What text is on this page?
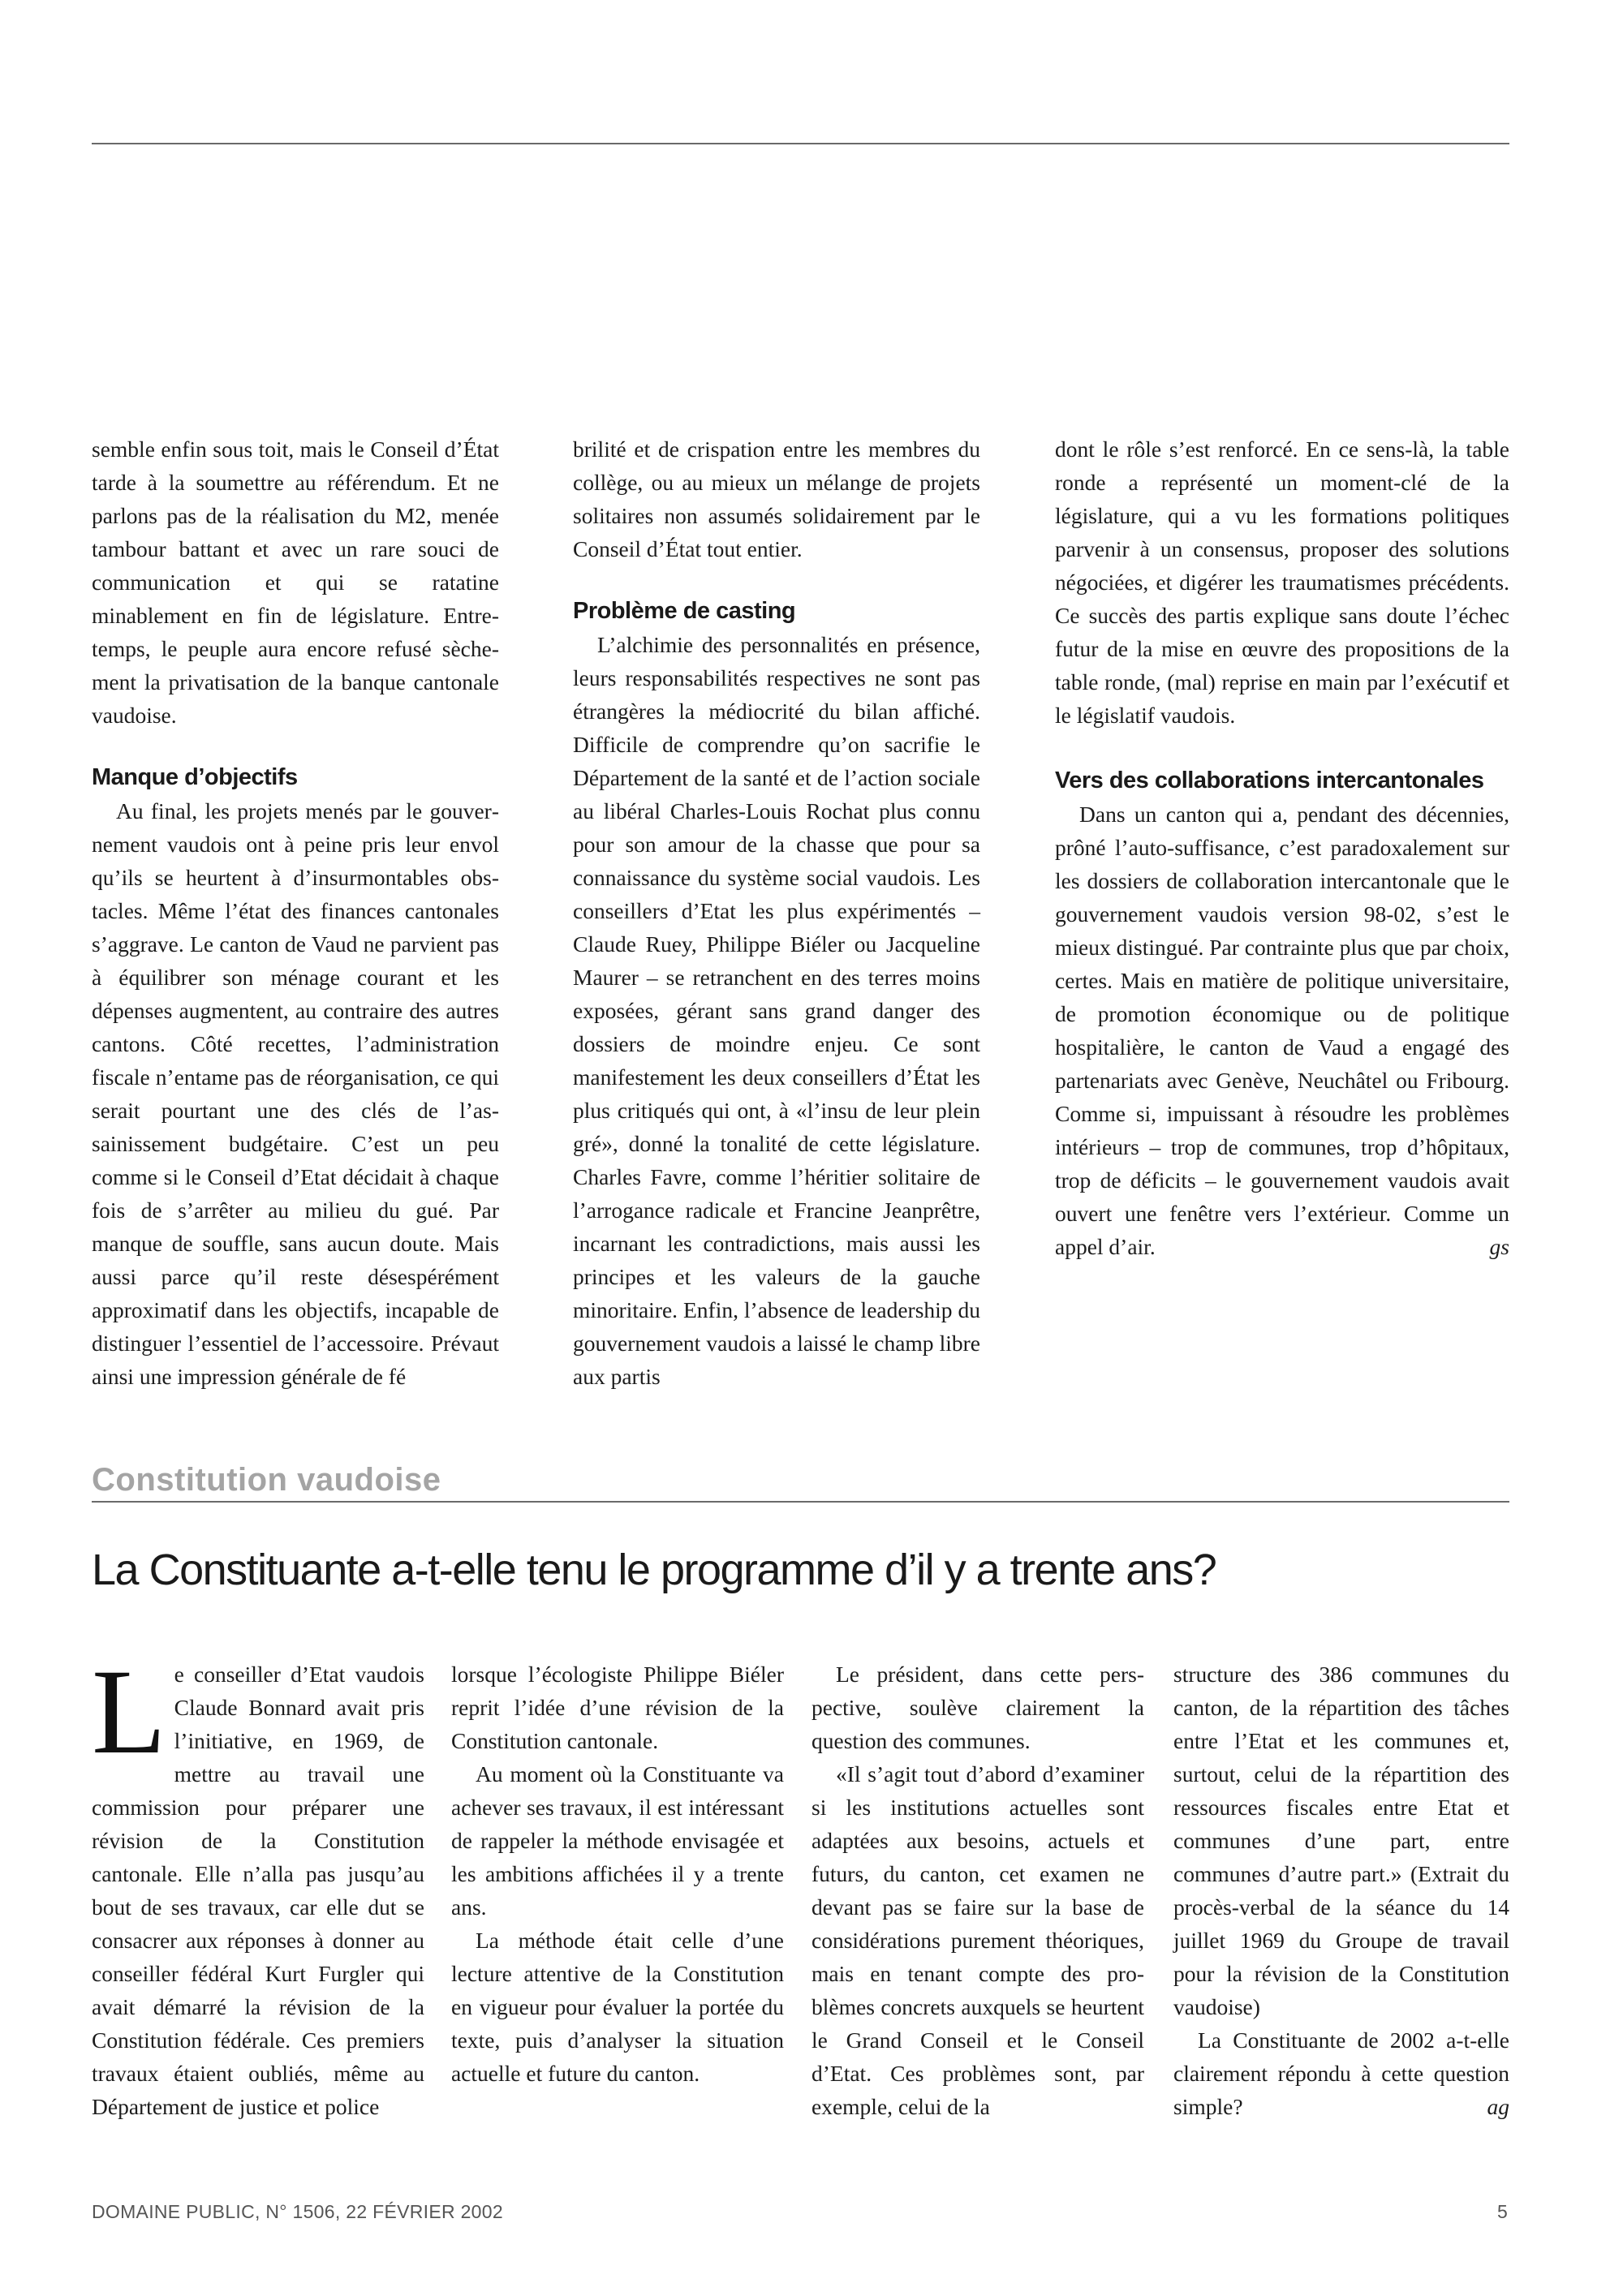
semble enfin sous toit, mais le Conseil d’État tarde à la soumettre au référendum. Et ne parlons pas de la réalisation du M2, menée tambour battant et avec un rare souci de communication et qui se ratatine minablement en fin de législature. Entretemps, le peuple aura encore refusé sèchement la privatisation de la banque cantonale vaudoise.

Manque d’objectifs

Au final, les projets menés par le gouvernement vaudois ont à peine pris leur envol qu’ils se heurtent à d’insurmontables obstacles. Même l’état des finances cantonales s’aggrave. Le canton de Vaud ne parvient pas à équilibrer son ménage courant et les dépenses augmentent, au contraire des autres cantons. Côté recettes, l’administration fiscale n’entame pas de réorganisation, ce qui serait pourtant une des clés de l’assainissement budgétaire. C’est un peu comme si le Conseil d’Etat décidait à chaque fois de s’arrêter au milieu du gué. Par manque de souffle, sans aucun doute. Mais aussi parce qu’il reste désespérément approximatif dans les objectifs, incapable de distinguer l’essentiel de l’accessoire. Prévaut ainsi une impression générale de fé

brilité et de crispation entre les membres du collège, ou au mieux un mélange de projets solitaires non assumés solidairement par le Conseil d’État tout entier.

Problème de casting

L’alchimie des personnalités en présence, leurs responsabilités respectives ne sont pas étrangères la médiocrité du bilan affiché. Difficile de comprendre qu’on sacrifie le Département de la santé et de l’action sociale au libéral Charles-Louis Rochat plus connu pour son amour de la chasse que pour sa connaissance du système social vaudois. Les conseillers d’Etat les plus expérimentés – Claude Ruey, Philippe Biéler ou Jacqueline Maurer – se retranchent en des terres moins exposées, gérant sans grand danger des dossiers de moindre enjeu. Ce sont manifestement les deux conseillers d’État les plus critiqués qui ont, à «l’insu de leur plein gré», donné la tonalité de cette législature. Charles Favre, comme l’héritier solitaire de l’arrogance radicale et Francine Jeanprêtre, incarnant les contradictions, mais aussi les principes et les valeurs de la gauche minoritaire. Enfin, l’absence de leadership du gouvernement vaudois a laissé le champ libre aux partis

dont le rôle s’est renforcé. En ce sens-là, la table ronde a représenté un moment-clé de la législature, qui a vu les formations politiques parvenir à un consensus, proposer des solutions négociées, et digérer les traumatismes précédents. Ce succès des partis explique sans doute l’échec futur de la mise en œuvre des propositions de la table ronde, (mal) reprise en main par l’exécutif et le législatif vaudois.

Vers des collaborations intercantonales

Dans un canton qui a, pendant des décennies, prôné l’auto-suffisance, c’est paradoxalement sur les dossiers de collaboration intercantonale que le gouvernement vaudois version 98-02, s’est le mieux distingué. Par contrainte plus que par choix, certes. Mais en matière de politique universitaire, de promotion économique ou de politique hospitalière, le canton de Vaud a engagé des partenariats avec Genève, Neuchâtel ou Fribourg. Comme si, impuissant à résoudre les problèmes intérieurs – trop de communes, trop d’hôpitaux, trop de déficits – le gouvernement vaudois avait ouvert une fenêtre vers l’extérieur. Comme un appel d’air.	gs

Constitution vaudoise
La Constituante a-t-elle tenu le programme d’il y a trente ans?

Le conseiller d’Etat vaudois Claude Bonnard avait pris l’initiative, en 1969, de mettre au travail une commission pour préparer une révision de la Constitution cantonale. Elle n’alla pas jusqu’au bout de ses travaux, car elle dut se consacrer aux réponses à donner au conseiller fédéral Kurt Furgler qui avait démarré la révision de la Constitution fédérale. Ces premiers travaux étaient oubliés, même au Département de justice et police

lorsque l’écologiste Philippe Biéler reprit l’idée d’une révision de la Constitution cantonale.

Au moment où la Constituante va achever ses travaux, il est intéressant de rappeler la méthode envisagée et les ambitions affichées il y a trente ans.

La méthode était celle d’une lecture attentive de la Constitution en vigueur pour évaluer la portée du texte, puis d’analyser la situation actuelle et future du canton.

Le président, dans cette perspective, soulève clairement la question des communes.

«Il s’agit tout d’abord d’examiner si les institutions actuelles sont adaptées aux besoins, actuels et futurs, du canton, cet examen ne devant pas se faire sur la base de considérations purement théoriques, mais en tenant compte des problèmes concrets auxquels se heurtent le Grand Conseil et le Conseil d’Etat. Ces problèmes sont, par exemple, celui de la

structure des 386 communes du canton, de la répartition des tâches entre l’Etat et les communes et, surtout, celui de la répartition des ressources fiscales entre Etat et communes d’une part, entre communes d’autre part.» (Extrait du procès-verbal de la séance du 14 juillet 1969 du Groupe de travail pour la révision de la Constitution vaudoise)

La Constituante de 2002 a-t-elle clairement répondu à cette question simple?	ag

DOMAINE PUBLIC, N° 1506, 22 FÉVRIER 2002	5
